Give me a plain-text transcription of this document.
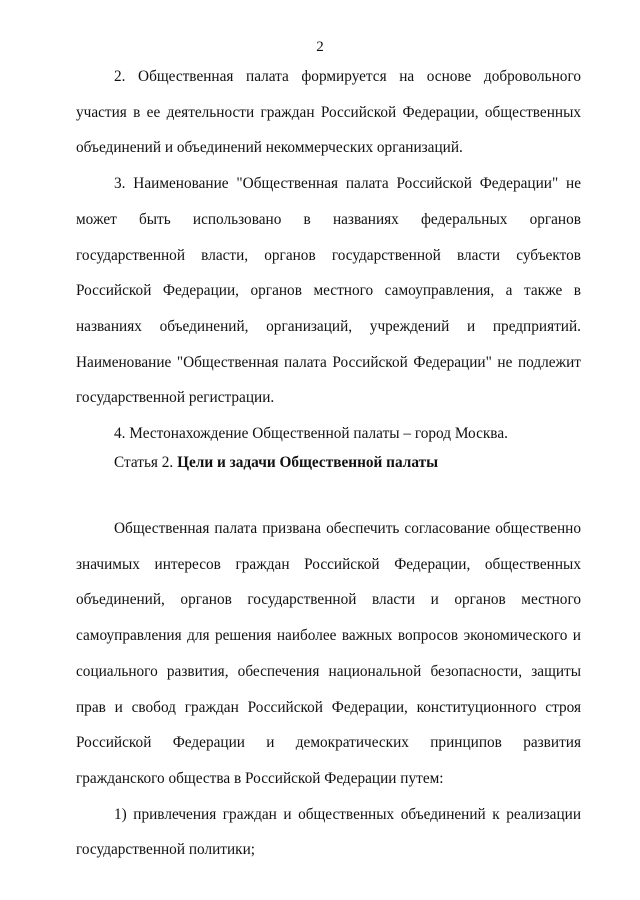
2

2. Общественная палата формируется на основе добровольного участия в ее деятельности граждан Российской Федерации, общественных объединений и объединений некоммерческих организаций.

3. Наименование "Общественная палата Российской Федерации" не может быть использовано в названиях федеральных органов государственной власти, органов государственной власти субъектов Российской Федерации, органов местного самоуправления, а также в названиях объединений, организаций, учреждений и предприятий. Наименование "Общественная палата Российской Федерации" не подлежит государственной регистрации.

4. Местонахождение Общественной палаты – город Москва.

Статья 2. Цели и задачи Общественной палаты

Общественная палата призвана обеспечить согласование общественно значимых интересов граждан Российской Федерации, общественных объединений, органов государственной власти и органов местного самоуправления для решения наиболее важных вопросов экономического и социального развития, обеспечения национальной безопасности, защиты прав и свобод граждан Российской Федерации, конституционного строя Российской Федерации и демократических принципов развития гражданского общества в Российской Федерации путем:

1) привлечения граждан и общественных объединений к реализации государственной политики;
